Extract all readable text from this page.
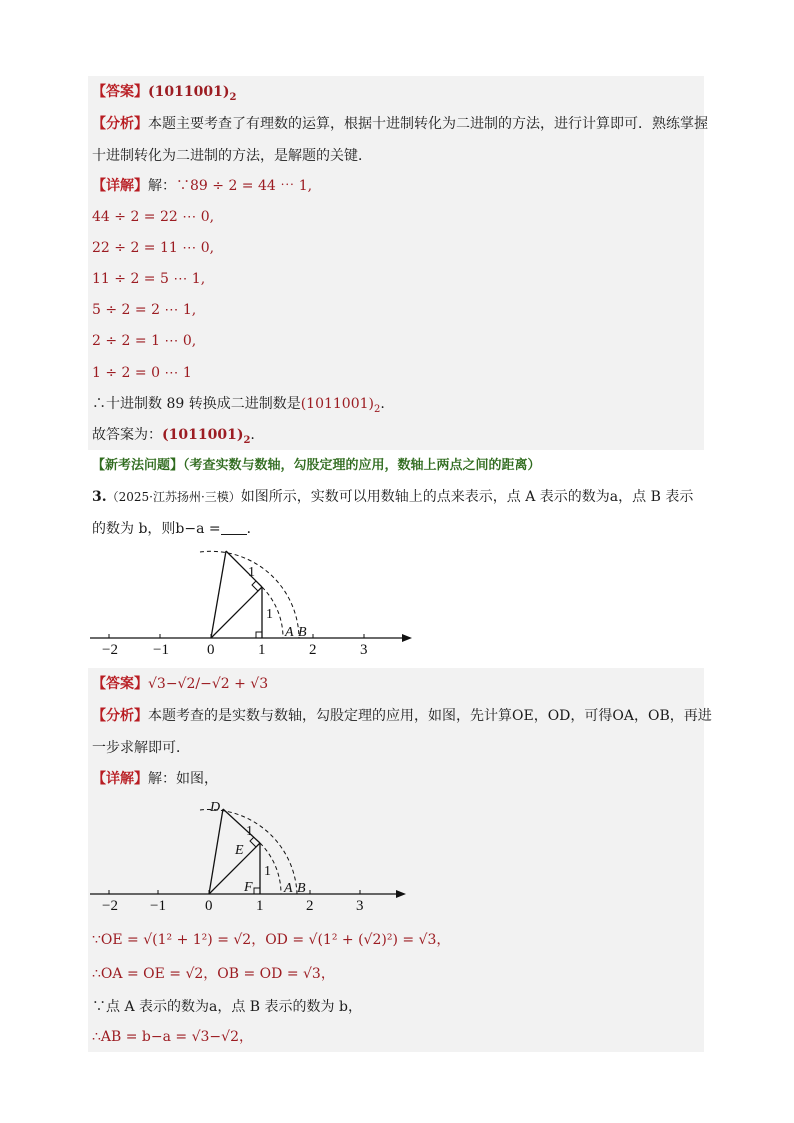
【答案】$(1011001)_2$
【分析】本题主要考查了有理数的运算，根据十进制转化为二进制的方法，进行计算即可．熟练掌握
十进制转化为二进制的方法，是解题的关键．
【详解】解：∵89 ÷ 2 = 44 ⋯ 1,
44 ÷ 2 = 22 ⋯ 0,
22 ÷ 2 = 11 ⋯ 0,
11 ÷ 2 = 5 ⋯ 1,
5 ÷ 2 = 2 ⋯ 1,
2 ÷ 2 = 1 ⋯ 0,
1 ÷ 2 = 0 ⋯ 1
∴十进制数 89 转换成二进制数是$(1011001)_2$.
故答案为：$(1011001)_2$.
【新考法问题】（考查实数与数轴，勾股定理的应用，数轴上两点之间的距离）
3.（2025·江苏扬州·三模）如图所示，实数可以用数轴上的点来表示，点 A 表示的数为a，点 B 表示
的数为 b，则b−a = ．
−2 −1	0	1	2	3
1
1
A B
【答案】√3−√2/−√2 + √3
【分析】本题考查的是实数与数轴，勾股定理的应用，如图，先计算OE，OD，可得OA，OB，再进
一步求解即可．
【详解】解：如图，
−2 −1	0	1	2	3
D
E
F
1
1
A B
∵OE = √(1² + 1²) = √2，OD = √(1² + (√2)²) = √3，
∴OA = OE = √2，OB = OD = √3，
∵点 A 表示的数为a，点 B 表示的数为 b，
∴AB = b−a = √3−√2，
